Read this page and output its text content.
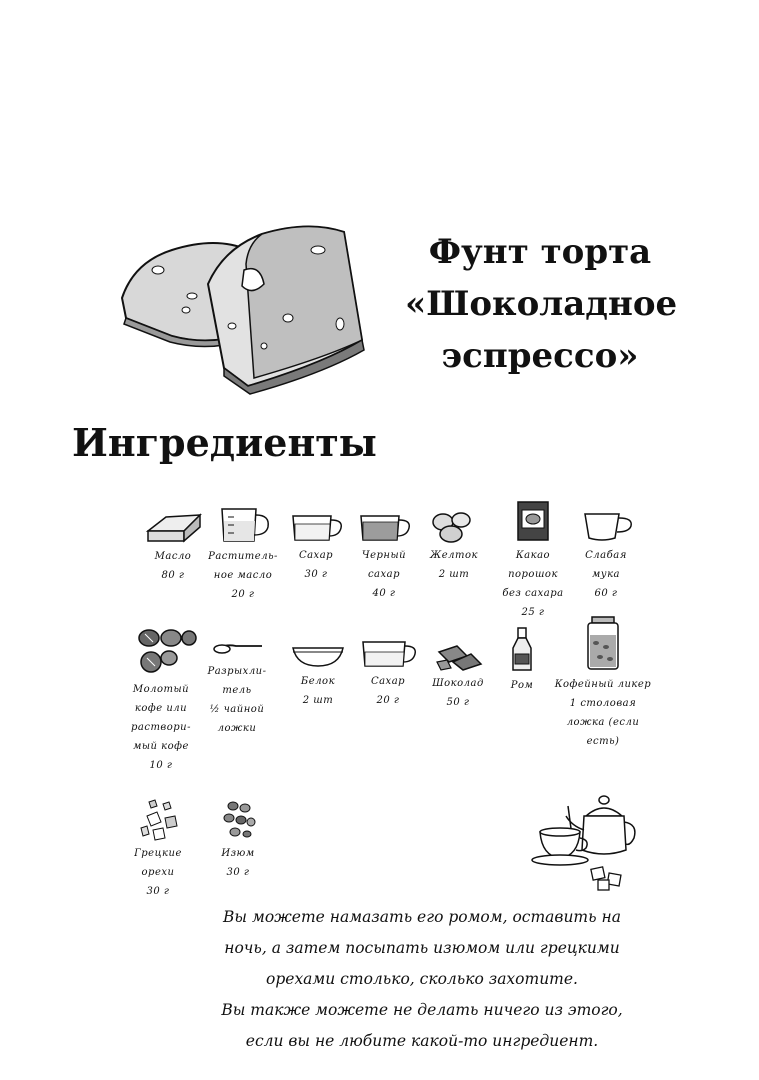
Фунт торта
«Шоколадное
эспрессо»
Ингредиенты
Масло
80 г
Раститель-
ное масло
20 г
Сахар
30 г
Черный
сахар
40 г
Желток
2 шт
Какао
порошок
без сахара
25 г
Слабая
мука
60 г
Молотый
кофе или
раствори-
мый кофе
10 г
Разрыхли-
тель
½ чайной
ложки
Белок
2 шт
Сахар
20 г
Шоколад
50 г
Ром	Кофейный ликер
1 столовая
ложка (если
есть)
Грецкие
орехи
30 г
Изюм
30 г
Вы можете намазать его ромом, оставить на
ночь, а затем посыпать изюмом или грецкими
орехами столько, сколько захотите.
Вы также можете не делать ничего из этого,
если вы не любите какой-то ингредиент.
